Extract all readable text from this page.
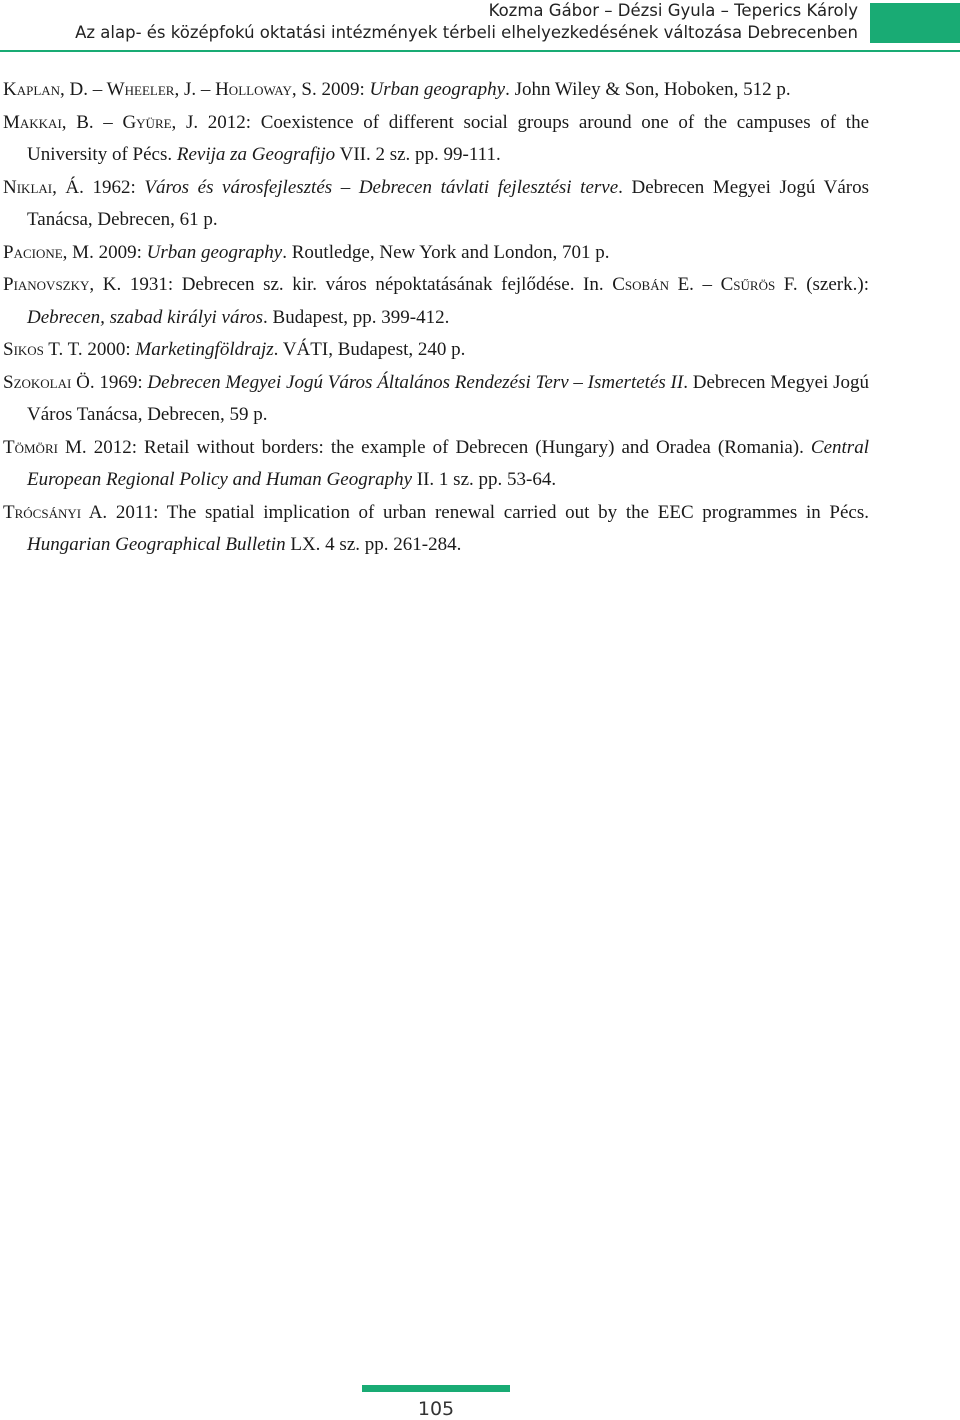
Kozma Gábor – Dézsi Gyula – Teperics Károly
Az alap- és középfokú oktatási intézmények térbeli elhelyezkedésének változása Debrecenben
Kaplan, D. – Wheeler, J. – Holloway, S. 2009: Urban geography. John Wiley & Son, Hoboken, 512 p.
Makkai, B. – Gyüre, J. 2012: Coexistence of different social groups around one of the campuses of the University of Pécs. Revija za Geografijo VII. 2 sz. pp. 99-111.
Niklai, Á. 1962: Város és városfejlesztés – Debrecen távlati fejlesztési terve. Debrecen Megyei Jogú Város Tanácsa, Debrecen, 61 p.
Pacione, M. 2009: Urban geography. Routledge, New York and London, 701 p.
Pianovszky, K. 1931: Debrecen sz. kir. város népoktatásának fejlődése. In. Csobán E. – Csűrös F. (szerk.): Debrecen, szabad királyi város. Budapest, pp. 399-412.
Sikos T. T. 2000: Marketingföldrajz. VÁTI, Budapest, 240 p.
Szokolai Ö. 1969: Debrecen Megyei Jogú Város Általános Rendezési Terv – Ismertetés II. Debrecen Megyei Jogú Város Tanácsa, Debrecen, 59 p.
Tömöri M. 2012: Retail without borders: the example of Debrecen (Hungary) and Oradea (Romania). Central European Regional Policy and Human Geography II. 1 sz. pp. 53-64.
Trócsányi A. 2011: The spatial implication of urban renewal carried out by the EEC programmes in Pécs. Hungarian Geographical Bulletin LX. 4 sz. pp. 261-284.
105
